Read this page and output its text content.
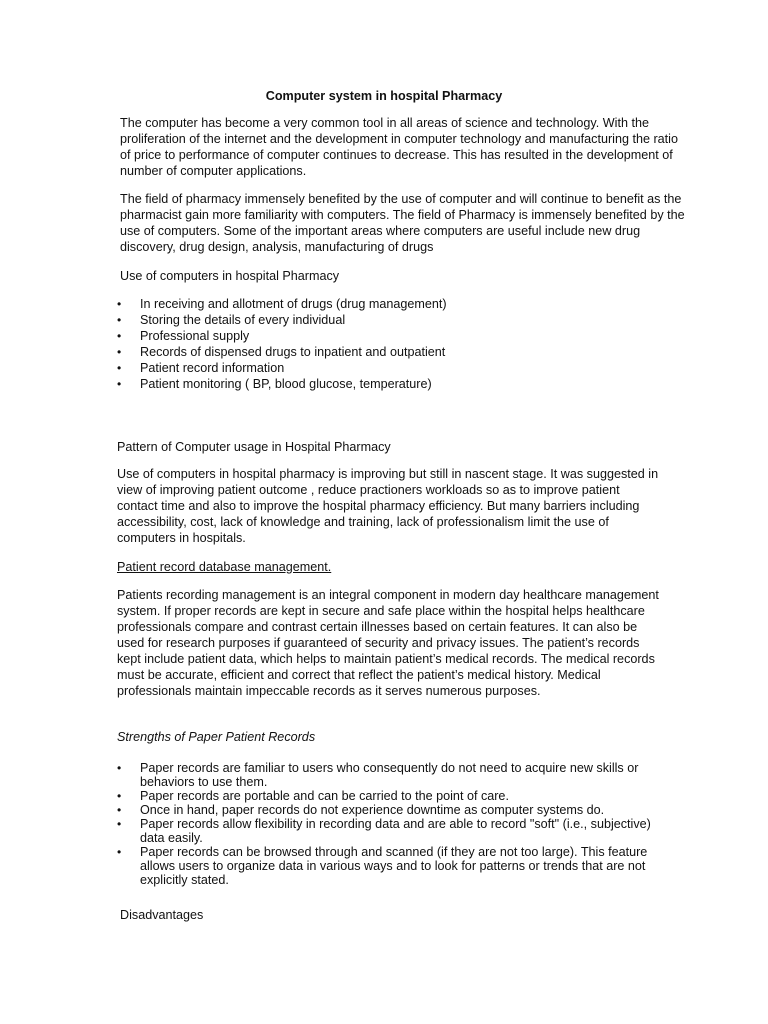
Computer system in hospital Pharmacy
The computer has become a very common tool in all areas of science and technology. With the
proliferation of the internet and the development in computer technology and manufacturing the ratio
of price to performance of computer continues to decrease. This has resulted in the development of
number of computer applications.
The field of pharmacy immensely benefited by the use of computer and will continue to benefit as the
pharmacist gain more familiarity with computers. The field of Pharmacy is immensely benefited by the
use of computers. Some of the important areas where computers are useful include new drug
discovery, drug design, analysis, manufacturing of drugs
Use of computers in hospital Pharmacy
• In receiving and allotment of drugs (drug management)
• Storing the details of every individual
• Professional supply
• Records of dispensed drugs to inpatient and outpatient
• Patient record information
• Patient monitoring ( BP, blood glucose, temperature)
Pattern of Computer usage in Hospital Pharmacy
Use of computers in hospital pharmacy is improving but still in nascent stage. It was suggested in
view of improving patient outcome , reduce practioners workloads so as to improve patient
contact time and also to improve the hospital pharmacy efficiency. But many barriers including
accessibility, cost, lack of knowledge and training, lack of professionalism limit the use of
computers in hospitals.
Patient record database management.
Patients recording management is an integral component in modern day healthcare management
system. If proper records are kept in secure and safe place within the hospital helps healthcare
professionals compare and contrast certain illnesses based on certain features. It can also be
used for research purposes if guaranteed of security and privacy issues. The patient’s records
kept include patient data, which helps to maintain patient’s medical records. The medical records
must be accurate, efficient and correct that reflect the patient’s medical history. Medical
professionals maintain impeccable records as it serves numerous purposes.
Strengths of Paper Patient Records
• Paper records are familiar to users who consequently do not need to acquire new skills or
behaviors to use them.
• Paper records are portable and can be carried to the point of care.
• Once in hand, paper records do not experience downtime as computer systems do.
• Paper records allow flexibility in recording data and are able to record "soft" (i.e., subjective)
data easily.
• Paper records can be browsed through and scanned (if they are not too large). This feature
allows users to organize data in various ways and to look for patterns or trends that are not
explicitly stated.
Disadvantages
